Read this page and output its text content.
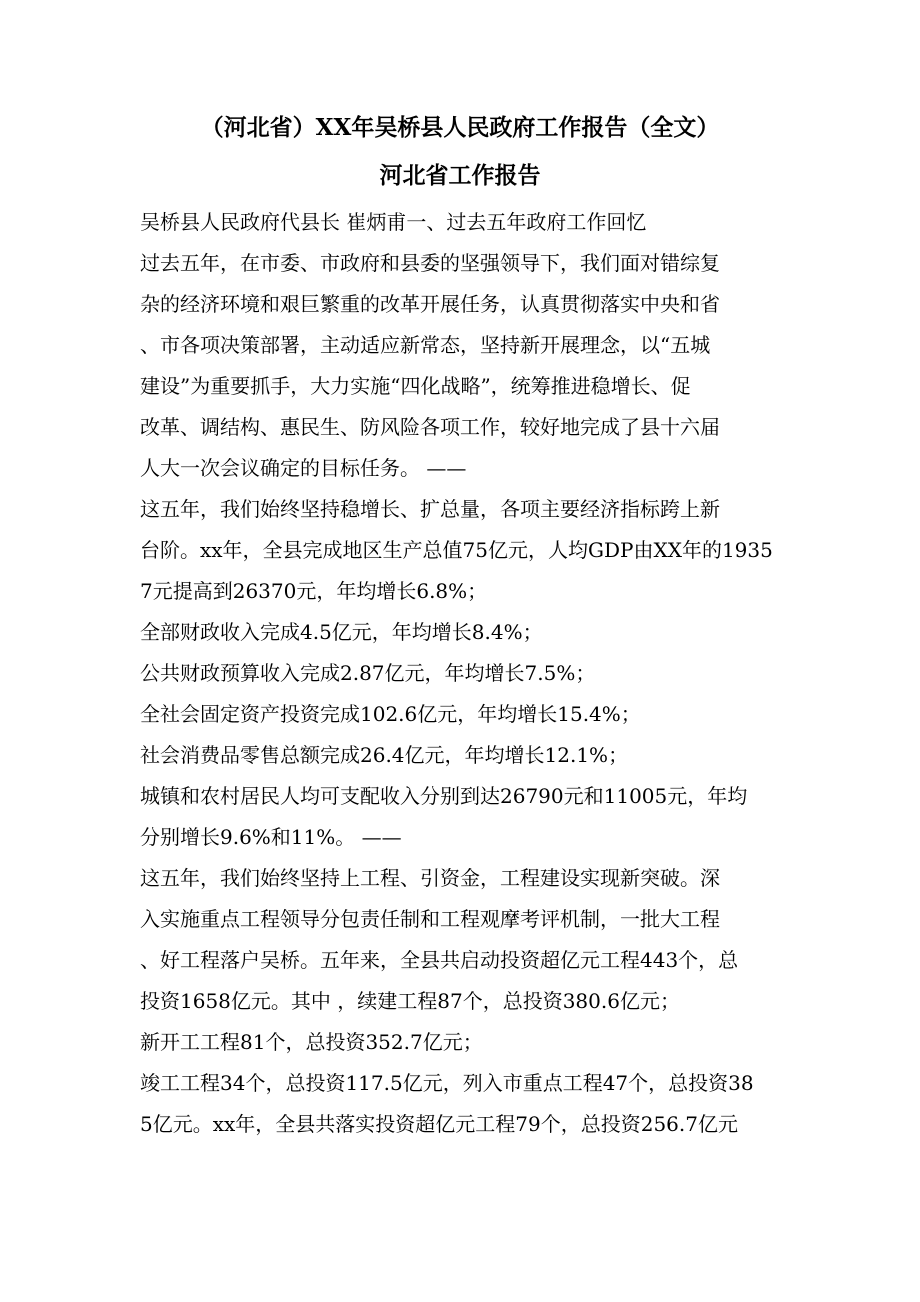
（河北省）XX年吴桥县人民政府工作报告（全文）
河北省工作报告
吴桥县人民政府代县长 崔炳甫一、过去五年政府工作回忆
过去五年，在市委、市政府和县委的坚强领导下，我们面对错综复
杂的经济环境和艰巨繁重的改革开展任务，认真贯彻落实中央和省
、市各项决策部署，主动适应新常态，坚持新开展理念，以“五城
建设”为重要抓手，大力实施“四化战略”，统筹推进稳增长、促
改革、调结构、惠民生、防风险各项工作，较好地完成了县十六届
人大一次会议确定的目标任务。 ——
这五年，我们始终坚持稳增长、扩总量，各项主要经济指标跨上新
台阶。xx年，全县完成地区生产总值75亿元，人均GDP由XX年的1935
7元提高到26370元，年均增长6.8%；
全部财政收入完成4.5亿元，年均增长8.4%；
公共财政预算收入完成2.87亿元，年均增长7.5%；
全社会固定资产投资完成102.6亿元，年均增长15.4%；
社会消费品零售总额完成26.4亿元，年均增长12.1%；
城镇和农村居民人均可支配收入分别到达26790元和11005元，年均
分别增长9.6%和11%。 ——
这五年，我们始终坚持上工程、引资金，工程建设实现新突破。深
入实施重点工程领导分包责任制和工程观摩考评机制，一批大工程
、好工程落户吴桥。五年来，全县共启动投资超亿元工程443个，总
投资1658亿元。其中 ，续建工程87个，总投资380.6亿元；
新开工工程81个，总投资352.7亿元；
竣工工程34个，总投资117.5亿元，列入市重点工程47个，总投资38
5亿元。xx年，全县共落实投资超亿元工程79个，总投资256.7亿元
